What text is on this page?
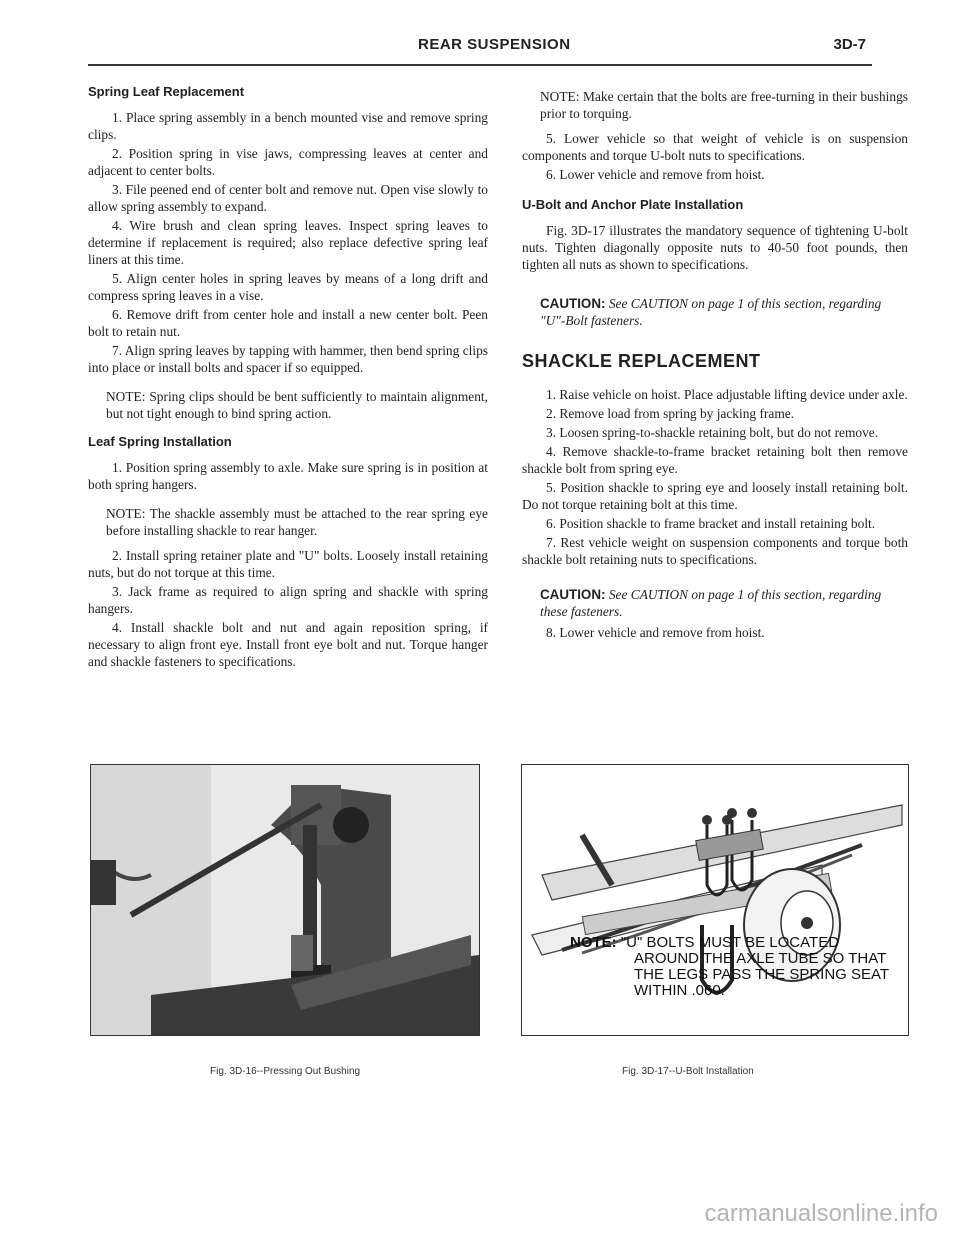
REAR SUSPENSION	3D-7
Spring Leaf Replacement

1. Place spring assembly in a bench mounted vise and remove spring clips.

2. Position spring in vise jaws, compressing leaves at center and adjacent to center bolts.

3. File peened end of center bolt and remove nut. Open vise slowly to allow spring assembly to expand.

4. Wire brush and clean spring leaves. Inspect spring leaves to determine if replacement is required; also replace defective spring leaf liners at this time.

5. Align center holes in spring leaves by means of a long drift and compress spring leaves in a vise.

6. Remove drift from center hole and install a new center bolt. Peen bolt to retain nut.

7. Align spring leaves by tapping with hammer, then bend spring clips into place or install bolts and spacer if so equipped.

NOTE: Spring clips should be bent sufficiently to maintain alignment, but not tight enough to bind spring action.

Leaf Spring Installation

1. Position spring assembly to axle. Make sure spring is in position at both spring hangers.

NOTE: The shackle assembly must be attached to the rear spring eye before installing shackle to rear hanger.

2. Install spring retainer plate and "U" bolts. Loosely install retaining nuts, but do not torque at this time.

3. Jack frame as required to align spring and shackle with spring hangers.

4. Install shackle bolt and nut and again reposition spring, if necessary to align front eye. Install front eye bolt and nut. Torque hanger and shackle fasteners to specifications.

NOTE: Make certain that the bolts are free-turning in their bushings prior to torquing.

5. Lower vehicle so that weight of vehicle is on suspension components and torque U-bolt nuts to specifications.

6. Lower vehicle and remove from hoist.

U-Bolt and Anchor Plate Installation

Fig. 3D-17 illustrates the mandatory sequence of tightening U-bolt nuts. Tighten diagonally opposite nuts to 40-50 foot pounds, then tighten all nuts as shown to specifications.

CAUTION: See CAUTION on page 1 of this section, regarding "U"-Bolt fasteners.
SHACKLE REPLACEMENT

1. Raise vehicle on hoist. Place adjustable lifting device under axle.

2. Remove load from spring by jacking frame.

3. Loosen spring-to-shackle retaining bolt, but do not remove.

4. Remove shackle-to-frame bracket retaining bolt then remove shackle bolt from spring eye.

5. Position shackle to spring eye and loosely install retaining bolt. Do not torque retaining bolt at this time.

6. Position shackle to frame bracket and install retaining bolt.

7. Rest vehicle weight on suspension components and torque both shackle bolt retaining nuts to specifications.

CAUTION: See CAUTION on page 1 of this section, regarding these fasteners.

8. Lower vehicle and remove from hoist.

NOTE: "U" BOLTS MUST BE LOCATED
AROUND THE AXLE TUBE SO THAT
THE LEGS PASS THE SPRING SEAT
WITHIN .060.
Fig. 3D-16--Pressing Out Bushing	Fig. 3D-17--U-Bolt Installation
carmanualsonline.info
